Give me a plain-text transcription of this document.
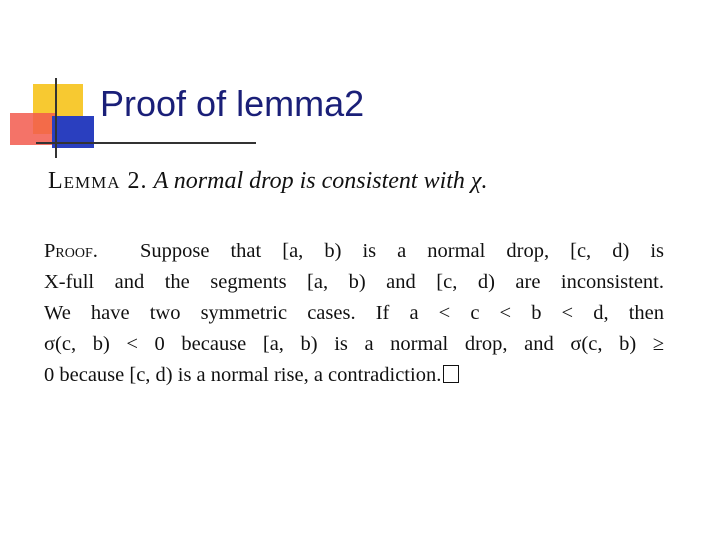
Proof of lemma2
Lemma 2. A normal drop is consistent with χ.
Proof. Suppose that [a, b) is a normal drop, [c, d) is
X-full and the segments [a, b) and [c, d) are inconsistent.
We have two symmetric cases. If a < c < b < d, then
σ(c, b) < 0 because [a, b) is a normal drop, and σ(c, b) ≥
0 because [c, d) is a normal rise, a contradiction.
